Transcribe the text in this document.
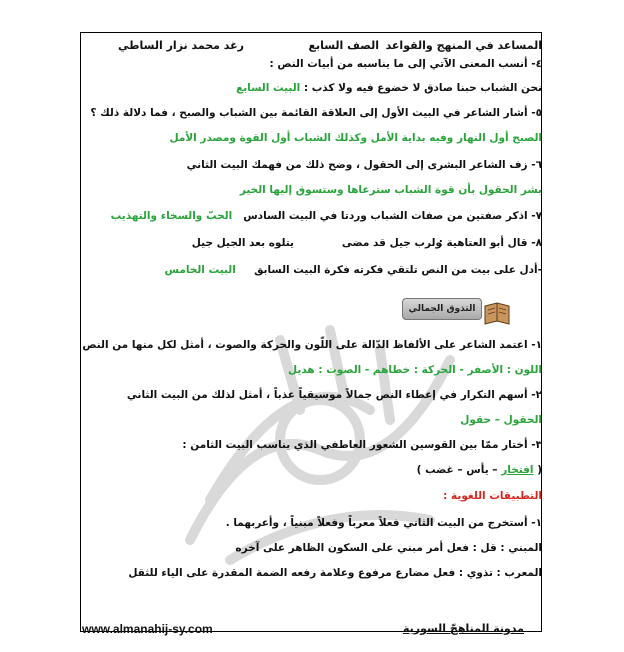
المساعد في المنهج والقواعد
الصف السابع
رغد محمد نزار الساطي
٤- أنسب المعنى الآتي إلى ما يناسبه من أبيات النص :
نحن الشباب حبنا صادق لا خضوع فيه ولا كذب : البيت السابع
٥- أشار الشاعر في البيت الأول إلى العلاقة القائمة بين الشباب والصبح ، فما دلالة ذلك ؟
الصبح أول النهار وفيه بداية الأمل وكذلك الشباب أول القوة ومصدر الأمل
٦- زف الشاعر البشرى إلى الحقول ، وضح ذلك من فهمك البيت الثاني
بشر الحقول بأن قوة الشباب سترعاها وستسوق إليها الخير
٧- اذكر صفتين من صفات الشباب وردتا في البيت السادس   الحبّ والسخاء والتهذيب
٨- قال أبو العتاهية :
ولرب جيل قد مضى
يتلوه بعد الجيل جيل
-أدل على بيت من النص تلتقي فكرته فكرة البيت السابق     البيت الخامس
التذوق الجمالي
١- اعتمد الشاعر على الألفاظ الدّالة على اللّون والحركة والصوت ، أمثل لكل منها من النص
اللون : الأصفر - الحركة : خطاهم - الصوت : هديل
٢- أسهم التكرار في إعطاء النص جمالاً موسيقياً عذباً ، أمثل لذلك من البيت الثاني
الحقول – حقول
٣- أختار ممّا بين القوسين الشعور العاطفي الذي يناسب البيت الثامن :
( افتخار – يأس – غضب )
التطبيقات اللغوية :
١- أستخرج من البيت الثاني فعلاً معرباً وفعلاً مبنياً ، وأعربهما .
المبني : قل : فعل أمر مبني على السكون الظاهر على آخره
المعرب : تذوي : فعل مضارع مرفوع وعلامة رفعه الضمة المقدرة على الياء للثقل
www.almanahij-sy.com	مدونة المناهجّ السورية
